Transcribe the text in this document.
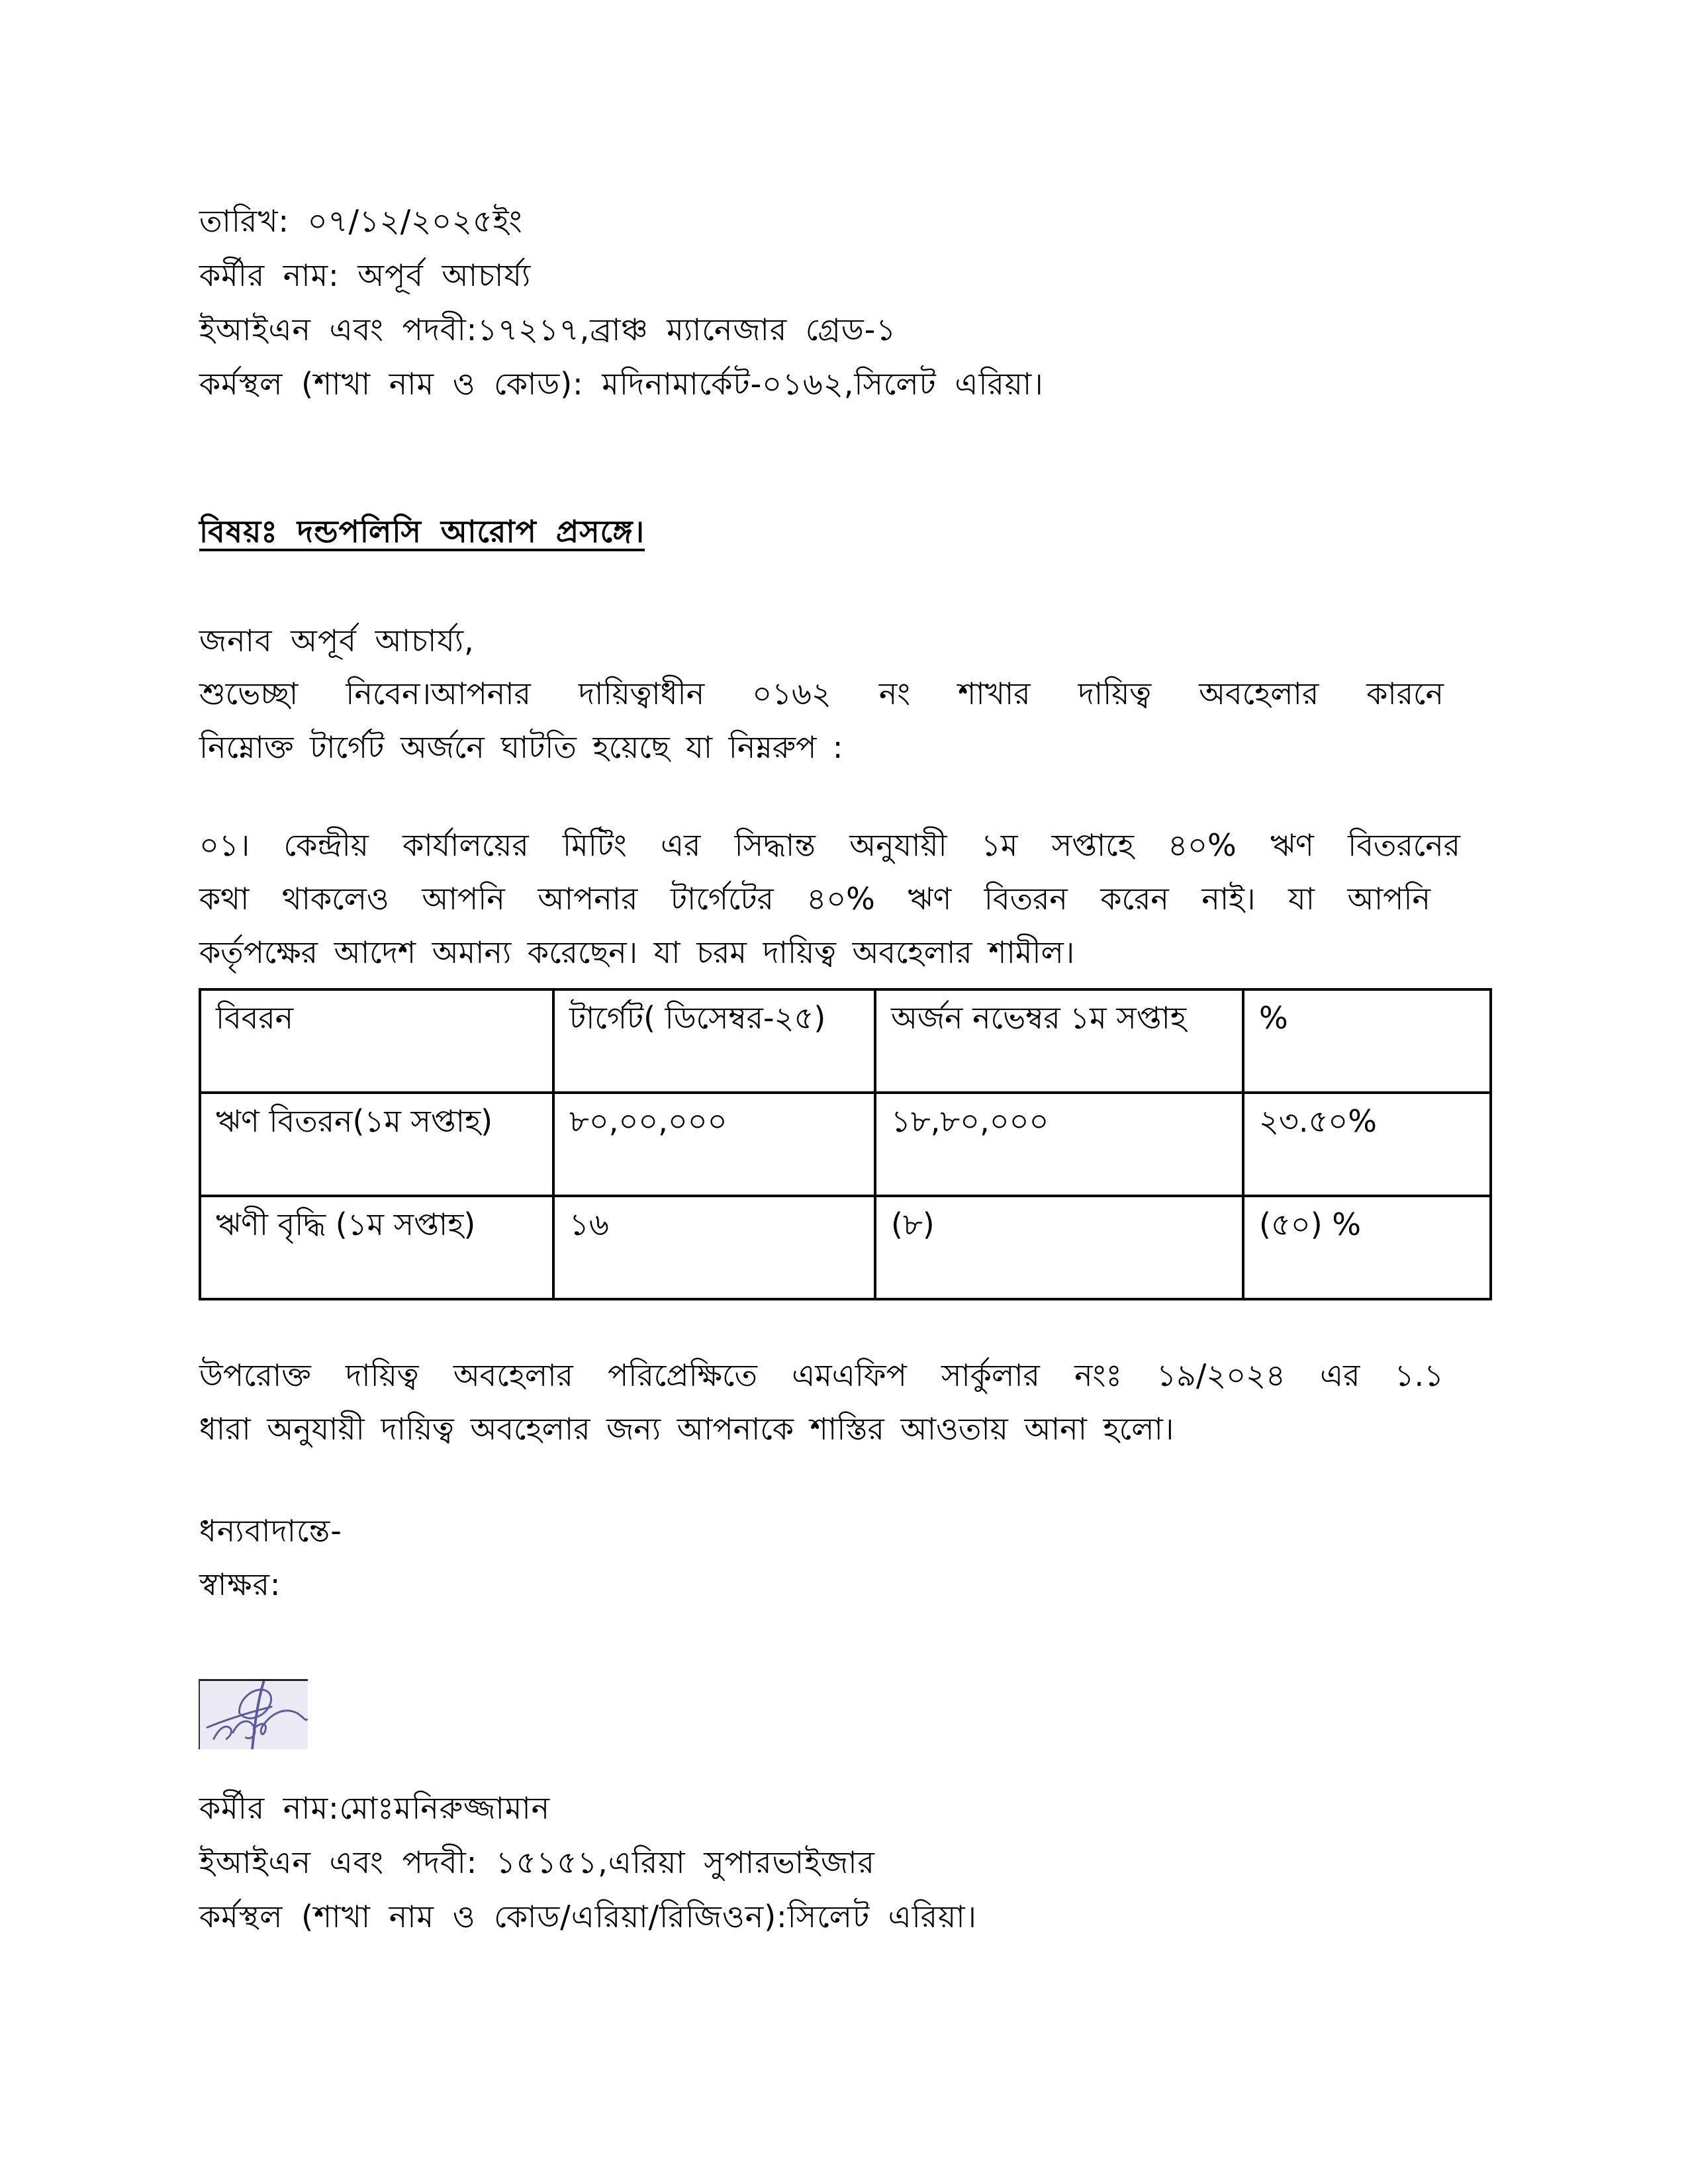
তারিখ: ০৭/১২/২০২৫ইং
কর্মীর নাম: অপূর্ব আচার্য্য
ইআইএন এবং পদবী:১৭২১৭,ব্রাঞ্চ ম্যানেজার গ্রেড-১
কর্মস্থল (শাখা নাম ও কোড): মদিনামার্কেট-০১৬২,সিলেট এরিয়া।
বিষয়ঃ দন্ডপলিসি আরোপ প্রসঙ্গে।
জনাব অপূর্ব আচার্য্য,
শুভেচ্ছা নিবেন।আপনার দায়িত্বাধীন ০১৬২ নং শাখার দায়িত্ব অবহেলার কারনে
নিম্নোক্ত টার্গেট অর্জনে ঘাটতি হয়েছে যা নিম্নরুপ :
০১। কেন্দ্রীয় কার্যালয়ের মিটিং এর সিদ্ধান্ত অনুযায়ী ১ম সপ্তাহে ৪০% ঋণ বিতরনের
কথা থাকলেও আপনি আপনার টার্গেটের ৪০% ঋণ বিতরন করেন নাই। যা আপনি
কর্তৃপক্ষের আদেশ অমান্য করেছেন। যা চরম দায়িত্ব অবহেলার শামীল।
বিবরন	টার্গেট( ডিসেম্বর-২৫)	অর্জন নভেম্বর ১ম সপ্তাহ	%
ঋণ বিতরন(১ম সপ্তাহ)	৮০,০০,০০০	১৮,৮০,০০০	২৩.৫০%
ঋণী বৃদ্ধি (১ম সপ্তাহ)	১৬	(৮)	(৫০) %
উপরোক্ত দায়িত্ব অবহেলার পরিপ্রেক্ষিতে এমএফিপ সার্কুলার নংঃ ১৯/২০২৪ এর ১.১
ধারা অনুযায়ী দায়িত্ব অবহেলার জন্য আপনাকে শাস্তির আওতায় আনা হলো।
ধন্যবাদান্তে-
স্বাক্ষর:
কর্মীর নাম:মোঃমনিরুজ্জামান
ইআইএন এবং পদবী: ১৫১৫১,এরিয়া সুপারভাইজার
কর্মস্থল (শাখা নাম ও কোড/এরিয়া/রিজিওন):সিলেট এরিয়া।
